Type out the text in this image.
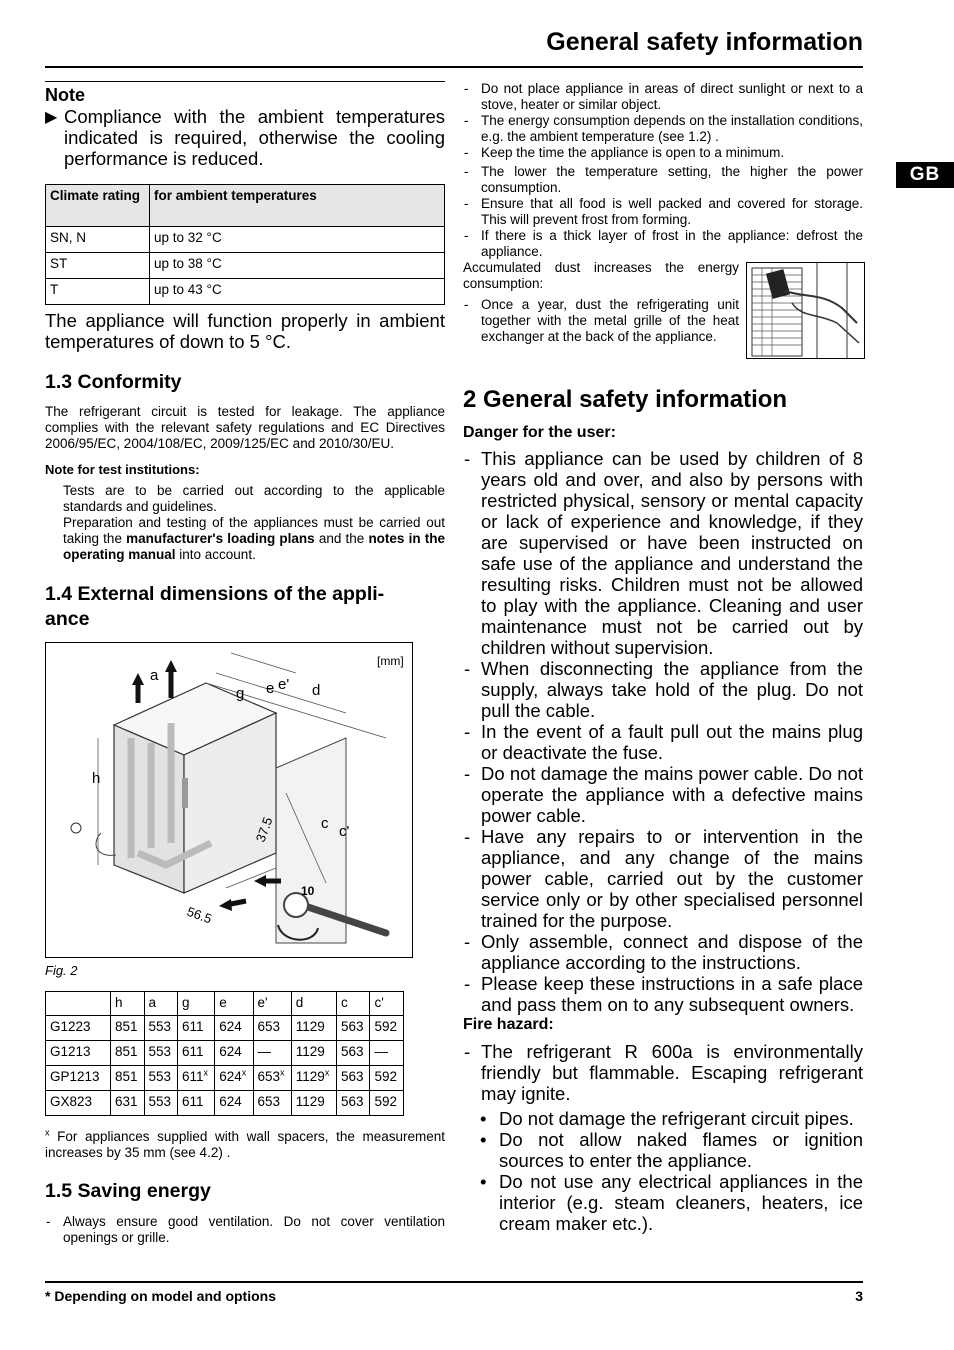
General safety information
GB
Note
▶ Compliance with the ambient temperatures indicated is required, otherwise the cooling performance is reduced.

Climate rating	for ambient temperatures
SN, N	up to 32 °C
ST	up to 38 °C
T	up to 43 °C

The appliance will function properly in ambient temperatures of down to 5 °C.

1.3 Conformity

The refrigerant circuit is tested for leakage. The appliance complies with the relevant safety regulations and EC Directives 2006/95/EC, 2004/108/EC, 2009/125/EC and 2010/30/EU.

Note for test institutions:

Tests are to be carried out according to the applicable standards and guidelines.

Preparation and testing of the appliances must be carried out taking the manufacturer's loading plans and the notes in the operating manual into account.

1.4 External dimensions of the appli-ance
[mm]
a
g e e' d
h
c c'
37.5
56.5
10
Fig. 2
	h	a	g	e	e'	d	c	c'
G1223	851	553	611	624	653	1129	563	592
G1213	851	553	611	624	—	1129	563	—
GP1213	851	553	611$^x$	624$^x$	653$^x$	1129$^x$	563	592
GX823	631	553	611	624	653	1129	563	592

$^x$ For appliances supplied with wall spacers, the measurement increases by 35 mm (see 4.2) .

1.5 Saving energy
- Always ensure good ventilation. Do not cover ventilation openings or grille.
- Do not place appliance in areas of direct sunlight or next to a stove, heater or similar object.
- The energy consumption depends on the installation conditions, e.g. the ambient temperature (see 1.2) .
- Keep the time the appliance is open to a minimum.
- The lower the temperature setting, the higher the power consumption.
- Ensure that all food is well packed and covered for storage. This will prevent frost from forming.
- If there is a thick layer of frost in the appliance: defrost the appliance.

Accumulated dust increases the energy consumption:

- Once a year, dust the refrigerating unit together with the metal grille of the heat exchanger at the back of the appliance.
2 General safety information
Danger for the user:
- This appliance can be used by children of 8 years old and over, and also by persons with restricted physical, sensory or mental capacity or lack of experience and knowledge, if they are supervised or have been instructed on safe use of the appliance and understand the resulting risks. Children must not be allowed to play with the appliance. Cleaning and user maintenance must not be carried out by children without supervision.
- When disconnecting the appliance from the supply, always take hold of the plug. Do not pull the cable.
- In the event of a fault pull out the mains plug or deactivate the fuse.
- Do not damage the mains power cable. Do not operate the appliance with a defective mains power cable.
- Have any repairs to or intervention in the appliance, and any change of the mains power cable, carried out by the customer service only or by other specialised personnel trained for the purpose.
- Only assemble, connect and dispose of the appliance according to the instructions.
- Please keep these instructions in a safe place and pass them on to any subsequent owners.
Fire hazard:
- The refrigerant R 600a is environmentally friendly but flammable. Escaping refrigerant may ignite.
• Do not damage the refrigerant circuit pipes.
• Do not allow naked flames or ignition sources to enter the appliance.
• Do not use any electrical appliances in the interior (e.g. steam cleaners, heaters, ice cream maker etc.).
* Depending on model and options	3
